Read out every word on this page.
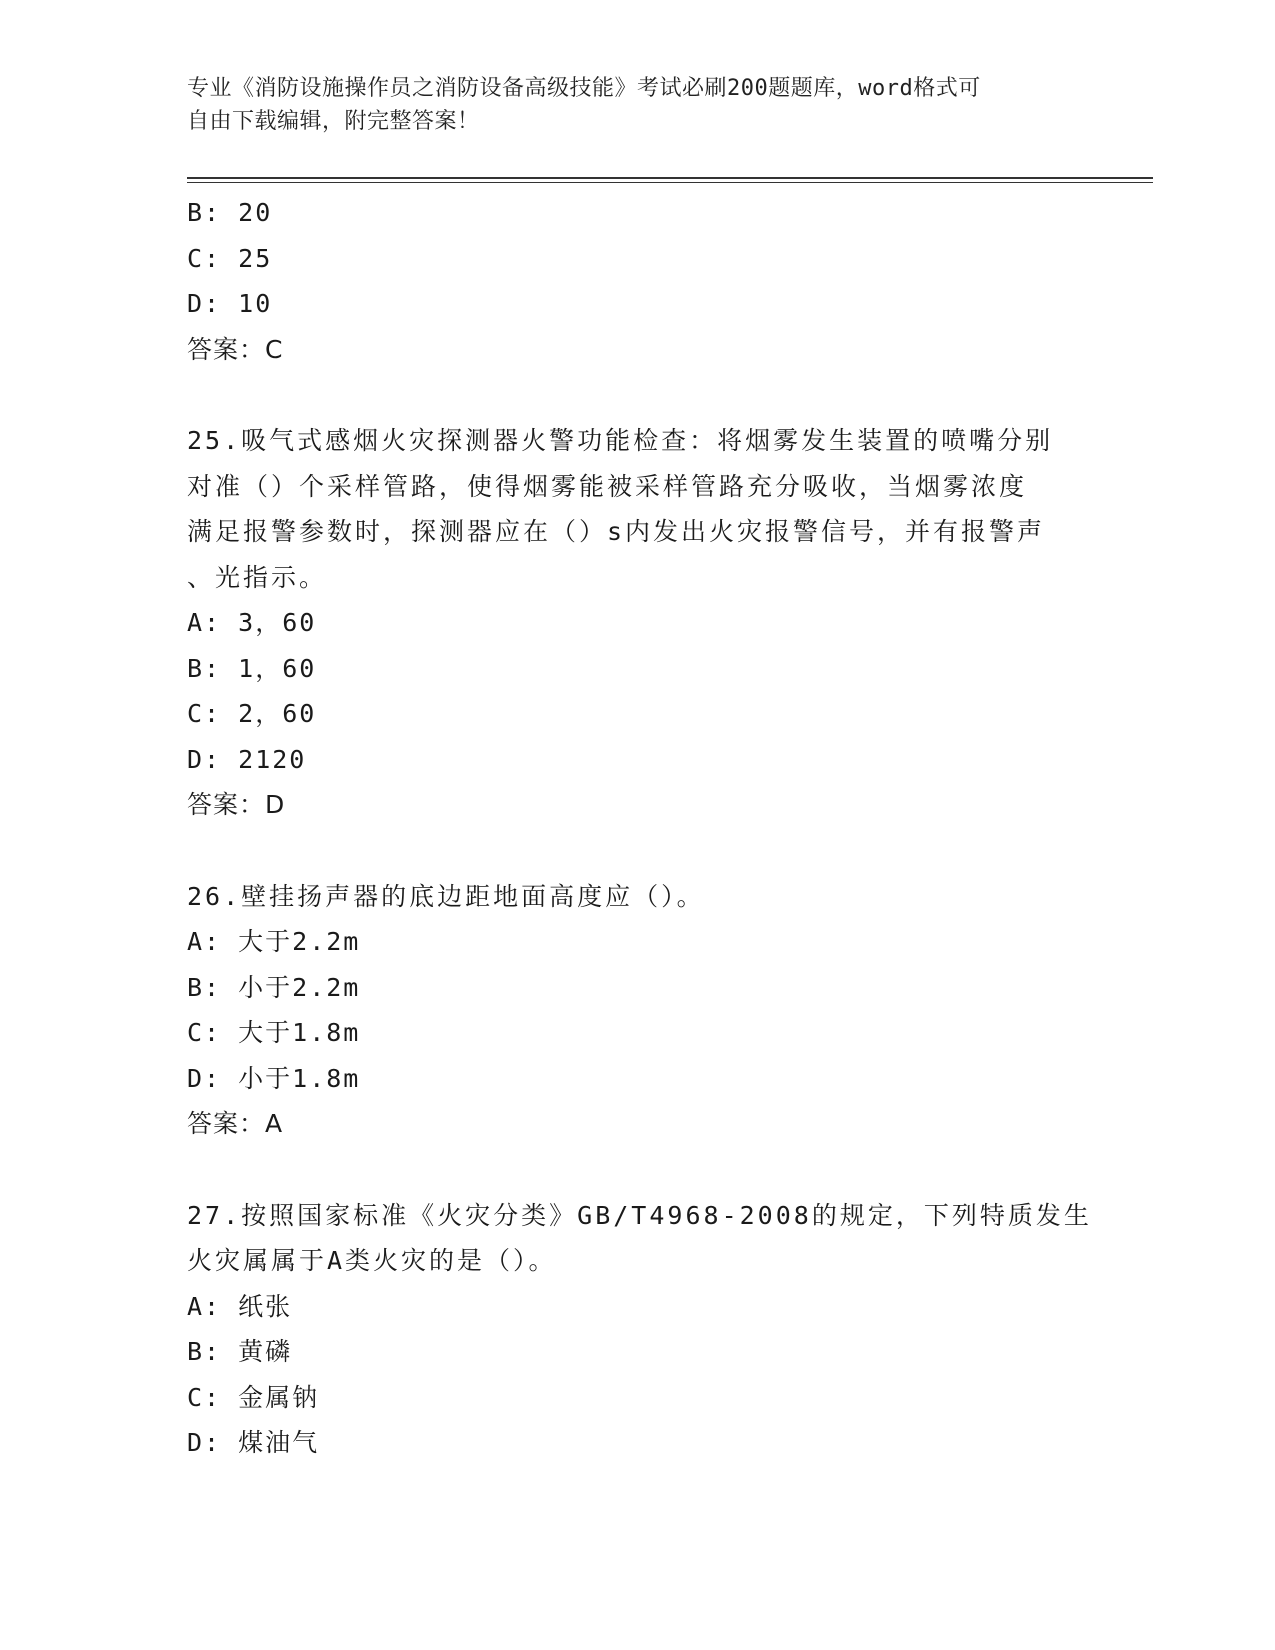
专业《消防设施操作员之消防设备高级技能》考试必刷200题题库，word格式可
自由下载编辑，附完整答案！
B: 20
C: 25
D: 10
答案：C
25.吸气式感烟火灾探测器火警功能检查：将烟雾发生装置的喷嘴分别
对准（）个采样管路，使得烟雾能被采样管路充分吸收，当烟雾浓度
满足报警参数时，探测器应在（）s内发出火灾报警信号，并有报警声
、光指示。
A: 3，60
B: 1，60
C: 2，60
D: 2120
答案：D
26.壁挂扬声器的底边距地面高度应（）。
A: 大于2.2m
B: 小于2.2m
C: 大于1.8m
D: 小于1.8m
答案：A
27.按照国家标准《火灾分类》GB/T4968-2008的规定，下列特质发生
火灾属属于A类火灾的是（）。
A: 纸张
B: 黄磷
C: 金属钠
D: 煤油气
